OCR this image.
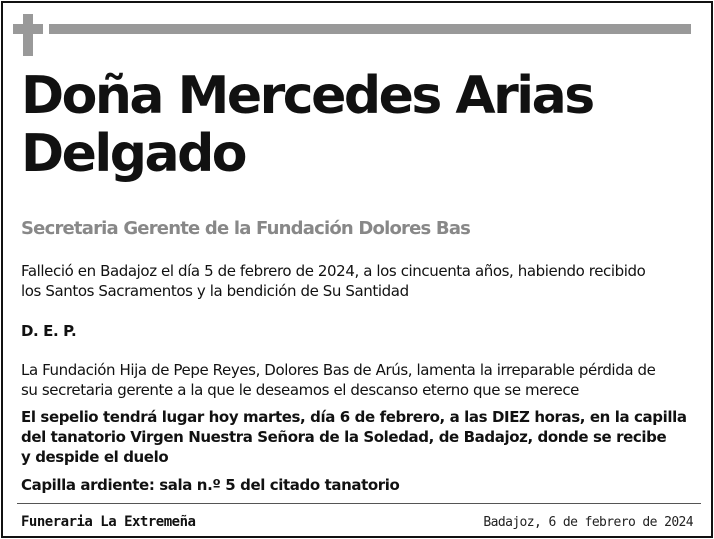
Doña Mercedes Arias
Delgado
Secretaria Gerente de la Fundación Dolores Bas
Falleció en Badajoz el día 5 de febrero de 2024, a los cincuenta años, habiendo recibido
los Santos Sacramentos y la bendición de Su Santidad
D. E. P.
La Fundación Hija de Pepe Reyes, Dolores Bas de Arús, lamenta la irreparable pérdida de
su secretaria gerente a la que le deseamos el descanso eterno que se merece
El sepelio tendrá lugar hoy martes, día 6 de febrero, a las DIEZ horas, en la capilla
del tanatorio Virgen Nuestra Señora de la Soledad, de Badajoz, donde se recibe
y despide el duelo
Capilla ardiente: sala n.º 5 del citado tanatorio
Funeraria La Extremeña	Badajoz, 6 de febrero de 2024
